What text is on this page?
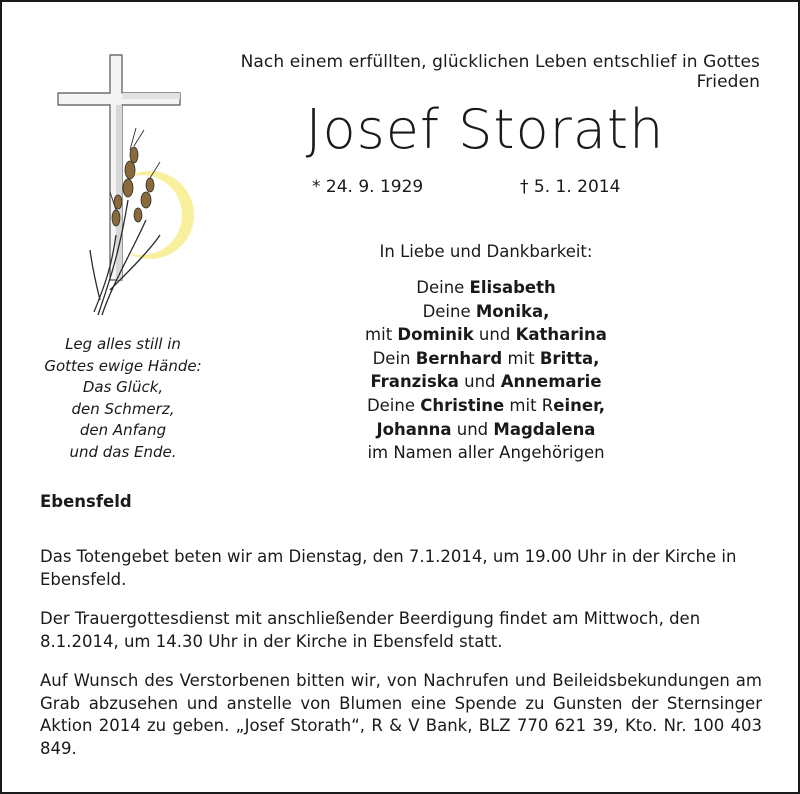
Nach einem erfüllten, glücklichen Leben entschlief in Gottes Frieden
Josef Storath
* 24. 9. 1929	† 5. 1. 2014
In Liebe und Dankbarkeit:
Deine Elisabeth
Deine Monika,
mit Dominik und Katharina
Dein Bernhard mit Britta,
Franziska und Annemarie
Deine Christine mit Reiner,
Johanna und Magdalena
im Namen aller Angehörigen
Leg alles still in
Gottes ewige Hände:
Das Glück,
den Schmerz,
den Anfang
und das Ende.
Ebensfeld
Das Totengebet beten wir am Dienstag, den 7.1.2014, um 19.00 Uhr in der Kirche in Ebensfeld.
Der Trauergottesdienst mit anschließender Beerdigung findet am Mittwoch, den 8.1.2014, um 14.30 Uhr in der Kirche in Ebensfeld statt.
Auf Wunsch des Verstorbenen bitten wir, von Nachrufen und Beileidsbekundungen am Grab abzusehen und anstelle von Blumen eine Spende zu Gunsten der Sternsinger Aktion 2014 zu geben. „Josef Storath“, R & V Bank, BLZ 770 621 39, Kto. Nr. 100 403 849.
